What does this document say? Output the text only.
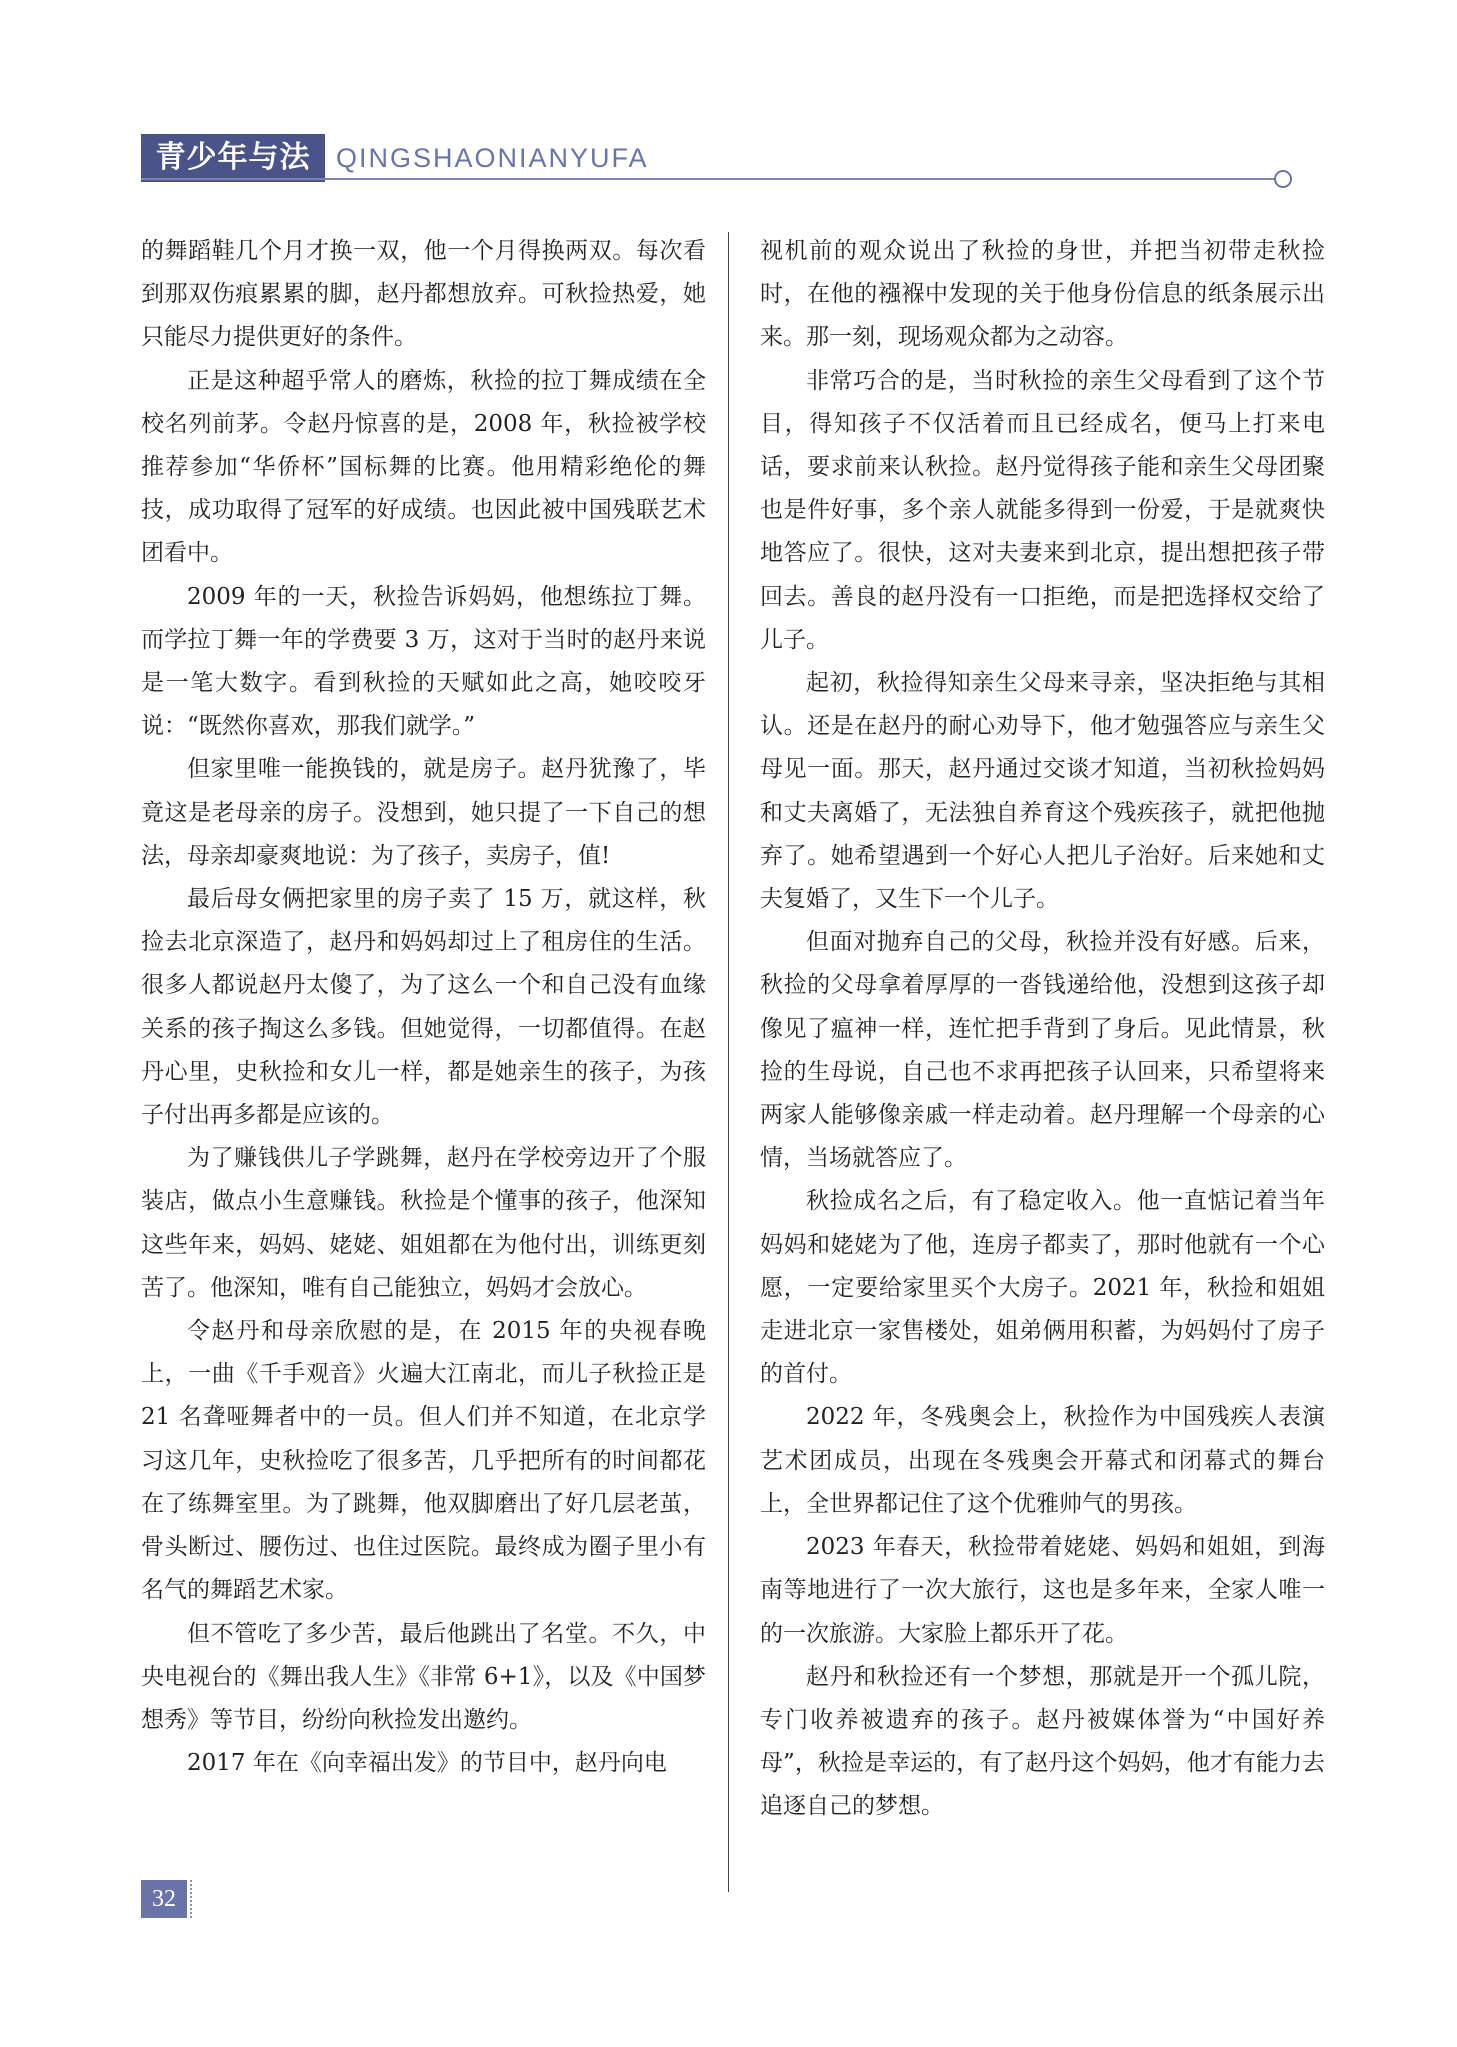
青少年与法 QINGSHAONIANYUFA

的舞蹈鞋几个月才换一双，他一个月得换两双。每次看到那双伤痕累累的脚，赵丹都想放弃。可秋捡热爱，她只能尽力提供更好的条件。

正是这种超乎常人的磨炼，秋捡的拉丁舞成绩在全校名列前茅。令赵丹惊喜的是，2008 年，秋捡被学校推荐参加“华侨杯”国标舞的比赛。他用精彩绝伦的舞技，成功取得了冠军的好成绩。也因此被中国残联艺术团看中。

2009 年的一天，秋捡告诉妈妈，他想练拉丁舞。而学拉丁舞一年的学费要 3 万，这对于当时的赵丹来说是一笔大数字。看到秋捡的天赋如此之高，她咬咬牙说：“既然你喜欢，那我们就学。”

但家里唯一能换钱的，就是房子。赵丹犹豫了，毕竟这是老母亲的房子。没想到，她只提了一下自己的想法，母亲却豪爽地说：为了孩子，卖房子，值!

最后母女俩把家里的房子卖了 15 万，就这样，秋捡去北京深造了，赵丹和妈妈却过上了租房住的生活。很多人都说赵丹太傻了，为了这么一个和自己没有血缘关系的孩子掏这么多钱。但她觉得，一切都值得。在赵丹心里，史秋捡和女儿一样，都是她亲生的孩子，为孩子付出再多都是应该的。

为了赚钱供儿子学跳舞，赵丹在学校旁边开了个服装店，做点小生意赚钱。秋捡是个懂事的孩子，他深知这些年来，妈妈、姥姥、姐姐都在为他付出，训练更刻苦了。他深知，唯有自己能独立，妈妈才会放心。

令赵丹和母亲欣慰的是，在 2015 年的央视春晚上，一曲《千手观音》火遍大江南北，而儿子秋捡正是 21 名聋哑舞者中的一员。但人们并不知道，在北京学习这几年，史秋捡吃了很多苦，几乎把所有的时间都花在了练舞室里。为了跳舞，他双脚磨出了好几层老茧，骨头断过、腰伤过、也住过医院。最终成为圈子里小有名气的舞蹈艺术家。

但不管吃了多少苦，最后他跳出了名堂。不久，中央电视台的《舞出我人生》《非常 6+1》，以及《中国梦想秀》等节目，纷纷向秋捡发出邀约。

2017 年在《向幸福出发》的节目中，赵丹向电

视机前的观众说出了秋捡的身世，并把当初带走秋捡时，在他的襁褓中发现的关于他身份信息的纸条展示出来。那一刻，现场观众都为之动容。

非常巧合的是，当时秋捡的亲生父母看到了这个节目，得知孩子不仅活着而且已经成名，便马上打来电话，要求前来认秋捡。赵丹觉得孩子能和亲生父母团聚也是件好事，多个亲人就能多得到一份爱，于是就爽快地答应了。很快，这对夫妻来到北京，提出想把孩子带回去。善良的赵丹没有一口拒绝，而是把选择权交给了儿子。

起初，秋捡得知亲生父母来寻亲，坚决拒绝与其相认。还是在赵丹的耐心劝导下，他才勉强答应与亲生父母见一面。那天，赵丹通过交谈才知道，当初秋捡妈妈和丈夫离婚了，无法独自养育这个残疾孩子，就把他抛弃了。她希望遇到一个好心人把儿子治好。后来她和丈夫复婚了，又生下一个儿子。

但面对抛弃自己的父母，秋捡并没有好感。后来，秋捡的父母拿着厚厚的一沓钱递给他，没想到这孩子却像见了瘟神一样，连忙把手背到了身后。见此情景，秋捡的生母说，自己也不求再把孩子认回来，只希望将来两家人能够像亲戚一样走动着。赵丹理解一个母亲的心情，当场就答应了。

秋捡成名之后，有了稳定收入。他一直惦记着当年妈妈和姥姥为了他，连房子都卖了，那时他就有一个心愿，一定要给家里买个大房子。2021 年，秋捡和姐姐走进北京一家售楼处，姐弟俩用积蓄，为妈妈付了房子的首付。

2022 年，冬残奥会上，秋捡作为中国残疾人表演艺术团成员，出现在冬残奥会开幕式和闭幕式的舞台上，全世界都记住了这个优雅帅气的男孩。

2023 年春天，秋捡带着姥姥、妈妈和姐姐，到海南等地进行了一次大旅行，这也是多年来，全家人唯一的一次旅游。大家脸上都乐开了花。

赵丹和秋捡还有一个梦想，那就是开一个孤儿院，专门收养被遗弃的孩子。赵丹被媒体誉为“中国好养母”，秋捡是幸运的，有了赵丹这个妈妈，他才有能力去追逐自己的梦想。

32
